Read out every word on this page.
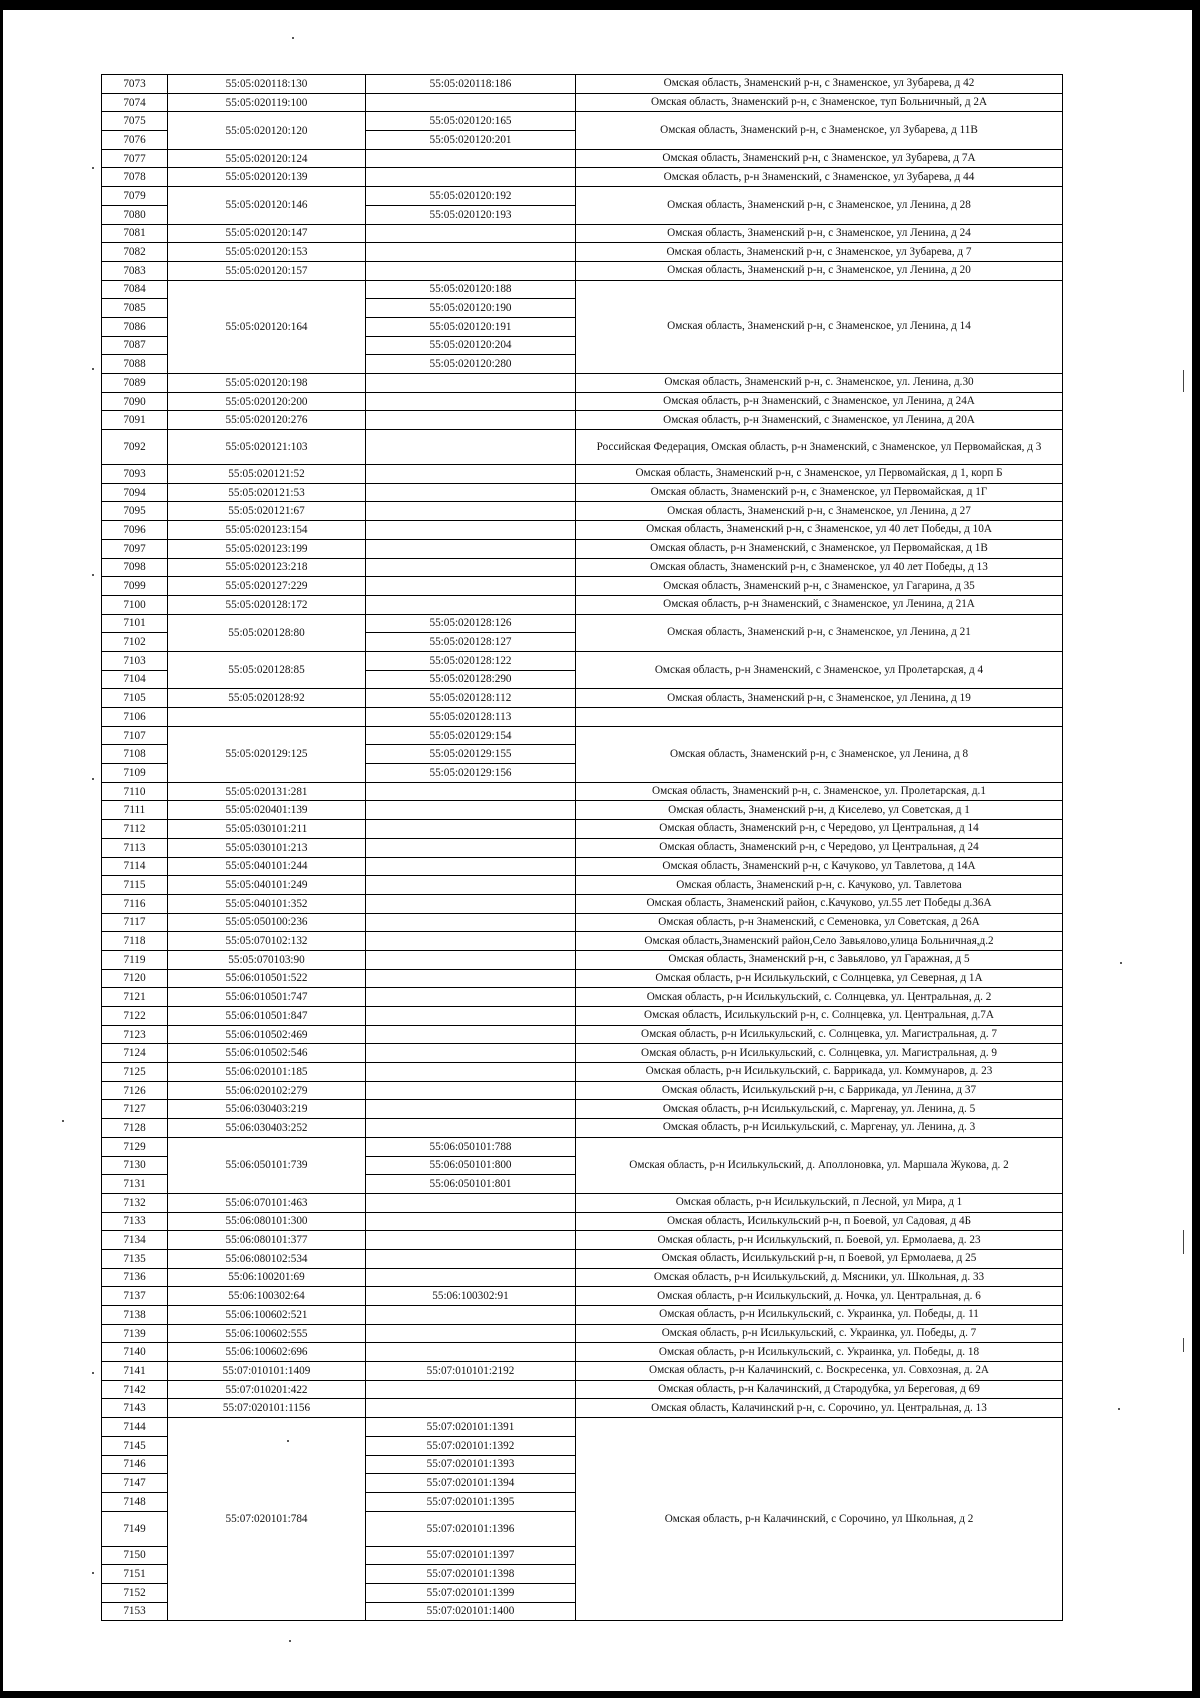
7073	55:05:020118:130	55:05:020118:186	Омская область, Знаменский р-н, с Знаменское, ул Зубарева, д 42
7074	55:05:020119:100		Омская область, Знаменский р-н, с Знаменское, туп Больничный, д 2А
7075	55:05:020120:120	55:05:020120:165	Омская область, Знаменский р-н, с Знаменское, ул Зубарева, д 11В
7076		55:05:020120:201	
7077	55:05:020120:124		Омская область, Знаменский р-н, с Знаменское, ул Зубарева, д 7А
7078	55:05:020120:139		Омская область, р-н Знаменский, с Знаменское, ул Зубарева, д 44
7079	55:05:020120:146	55:05:020120:192	Омская область, Знаменский р-н, с Знаменское, ул Ленина, д 28
7080		55:05:020120:193	
7081	55:05:020120:147		Омская область, Знаменский р-н, с Знаменское, ул Ленина, д 24
7082	55:05:020120:153		Омская область, Знаменский р-н, с Знаменское, ул Зубарева, д 7
7083	55:05:020120:157		Омская область, Знаменский р-н, с Знаменское, ул Ленина, д 20
7084	55:05:020120:164	55:05:020120:188	Омская область, Знаменский р-н, с Знаменское, ул Ленина, д 14
7085		55:05:020120:190	
7086		55:05:020120:191	
7087		55:05:020120:204	
7088		55:05:020120:280	
7089	55:05:020120:198		Омская область, Знаменский р-н, с. Знаменское, ул. Ленина, д.30
7090	55:05:020120:200		Омская область, р-н Знаменский, с Знаменское, ул Ленина, д 24А
7091	55:05:020120:276		Омская область, р-н Знаменский, с Знаменское, ул Ленина, д 20А
7092	55:05:020121:103		Российская Федерация, Омская область, р-н Знаменский, с Знаменское, ул Первомайская, д 3
7093	55:05:020121:52		Омская область, Знаменский р-н, с Знаменское, ул Первомайская, д 1, корп Б
7094	55:05:020121:53		Омская область, Знаменский р-н, с Знаменское, ул Первомайская, д 1Г
7095	55:05:020121:67		Омская область, Знаменский р-н, с Знаменское, ул Ленина, д 27
7096	55:05:020123:154		Омская область, Знаменский р-н, с Знаменское, ул 40 лет Победы, д 10А
7097	55:05:020123:199		Омская область, р-н Знаменский, с Знаменское, ул Первомайская, д 1В
7098	55:05:020123:218		Омская область, Знаменский р-н, с Знаменское, ул 40 лет Победы, д 13
7099	55:05:020127:229		Омская область, Знаменский р-н, с Знаменское, ул Гагарина, д 35
7100	55:05:020128:172		Омская область, р-н Знаменский, с Знаменское, ул Ленина, д 21А
7101	55:05:020128:80	55:05:020128:126	Омская область, Знаменский р-н, с Знаменское, ул Ленина, д 21
7102		55:05:020128:127	
7103	55:05:020128:85	55:05:020128:122	Омская область, р-н Знаменский, с Знаменское, ул Пролетарская, д 4
7104		55:05:020128:290	
7105	55:05:020128:92	55:05:020128:112	Омская область, Знаменский р-н, с Знаменское, ул Ленина, д 19
7106		55:05:020128:113	
7107	55:05:020129:125	55:05:020129:154	Омская область, Знаменский р-н, с Знаменское, ул Ленина, д 8
7108		55:05:020129:155	
7109		55:05:020129:156	
7110	55:05:020131:281		Омская область, Знаменский р-н, с. Знаменское, ул. Пролетарская, д.1
7111	55:05:020401:139		Омская область, Знаменский р-н, д Киселево, ул Советская, д 1
7112	55:05:030101:211		Омская область, Знаменский р-н, с Чередово, ул Центральная, д 14
7113	55:05:030101:213		Омская область, Знаменский р-н, с Чередово, ул Центральная, д 24
7114	55:05:040101:244		Омская область, Знаменский р-н, с Качуково, ул Тавлетова, д 14А
7115	55:05:040101:249		Омская область, Знаменский р-н, с. Качуково, ул. Тавлетова
7116	55:05:040101:352		Омская область, Знаменский район, с.Качуково, ул.55 лет Победы д.36А
7117	55:05:050100:236		Омская область, р-н Знаменский, с Семеновка, ул Советская, д 26А
7118	55:05:070102:132		Омская область,Знаменский район,Село Завьялово,улица Больничная,д.2
7119	55:05:070103:90		Омская область, Знаменский р-н, с Завьялово, ул Гаражная, д 5
7120	55:06:010501:522		Омская область, р-н Исилькульский, с Солнцевка, ул Северная, д 1А
7121	55:06:010501:747		Омская область, р-н Исилькульский, с. Солнцевка, ул. Центральная, д. 2
7122	55:06:010501:847		Омская область, Исилькульский р-н, с. Солнцевка, ул. Центральная, д.7А
7123	55:06:010502:469		Омская область, р-н Исилькульский, с. Солнцевка, ул. Магистральная, д. 7
7124	55:06:010502:546		Омская область, р-н Исилькульский, с. Солнцевка, ул. Магистральная, д. 9
7125	55:06:020101:185		Омская область, р-н Исилькульский, с. Баррикада, ул. Коммунаров, д. 23
7126	55:06:020102:279		Омская область, Исилькульский р-н, с Баррикада, ул Ленина, д 37
7127	55:06:030403:219		Омская область, р-н Исилькульский, с. Маргенау, ул. Ленина, д. 5
7128	55:06:030403:252		Омская область, р-н Исилькульский, с. Маргенау, ул. Ленина, д. 3
7129	55:06:050101:739	55:06:050101:788	Омская область, р-н Исилькульский, д. Аполлоновка, ул. Маршала Жукова, д. 2
7130		55:06:050101:800	
7131		55:06:050101:801	
7132	55:06:070101:463		Омская область, р-н Исилькульский, п Лесной, ул Мира, д 1
7133	55:06:080101:300		Омская область, Исилькульский р-н, п Боевой, ул Садовая, д 4Б
7134	55:06:080101:377		Омская область, р-н Исилькульский, п. Боевой, ул. Ермолаева, д. 23
7135	55:06:080102:534		Омская область, Исилькульский р-н, п Боевой, ул Ермолаева, д 25
7136	55:06:100201:69		Омская область, р-н Исилькульский, д. Мясники, ул. Школьная, д. 33
7137	55:06:100302:64	55:06:100302:91	Омская область, р-н Исилькульский, д. Ночка, ул. Центральная, д. 6
7138	55:06:100602:521		Омская область, р-н Исилькульский, с. Украинка, ул. Победы, д. 11
7139	55:06:100602:555		Омская область, р-н Исилькульский, с. Украинка, ул. Победы, д. 7
7140	55:06:100602:696		Омская область, р-н Исилькульский, с. Украинка, ул. Победы, д. 18
7141	55:07:010101:1409	55:07:010101:2192	Омская область, р-н Калачинский, с. Воскресенка, ул. Совхозная, д. 2А
7142	55:07:010201:422		Омская область, р-н Калачинский, д Стародубка, ул Береговая, д 69
7143	55:07:020101:1156		Омская область, Калачинский р-н, с. Сорочино, ул. Центральная, д. 13
7144	55:07:020101:784	55:07:020101:1391	Омская область, р-н Калачинский, с Сорочино, ул Школьная, д 2
7145		55:07:020101:1392	
7146		55:07:020101:1393	
7147		55:07:020101:1394	
7148		55:07:020101:1395	
7149		55:07:020101:1396	
7150		55:07:020101:1397	
7151		55:07:020101:1398	
7152		55:07:020101:1399	
7153		55:07:020101:1400	
